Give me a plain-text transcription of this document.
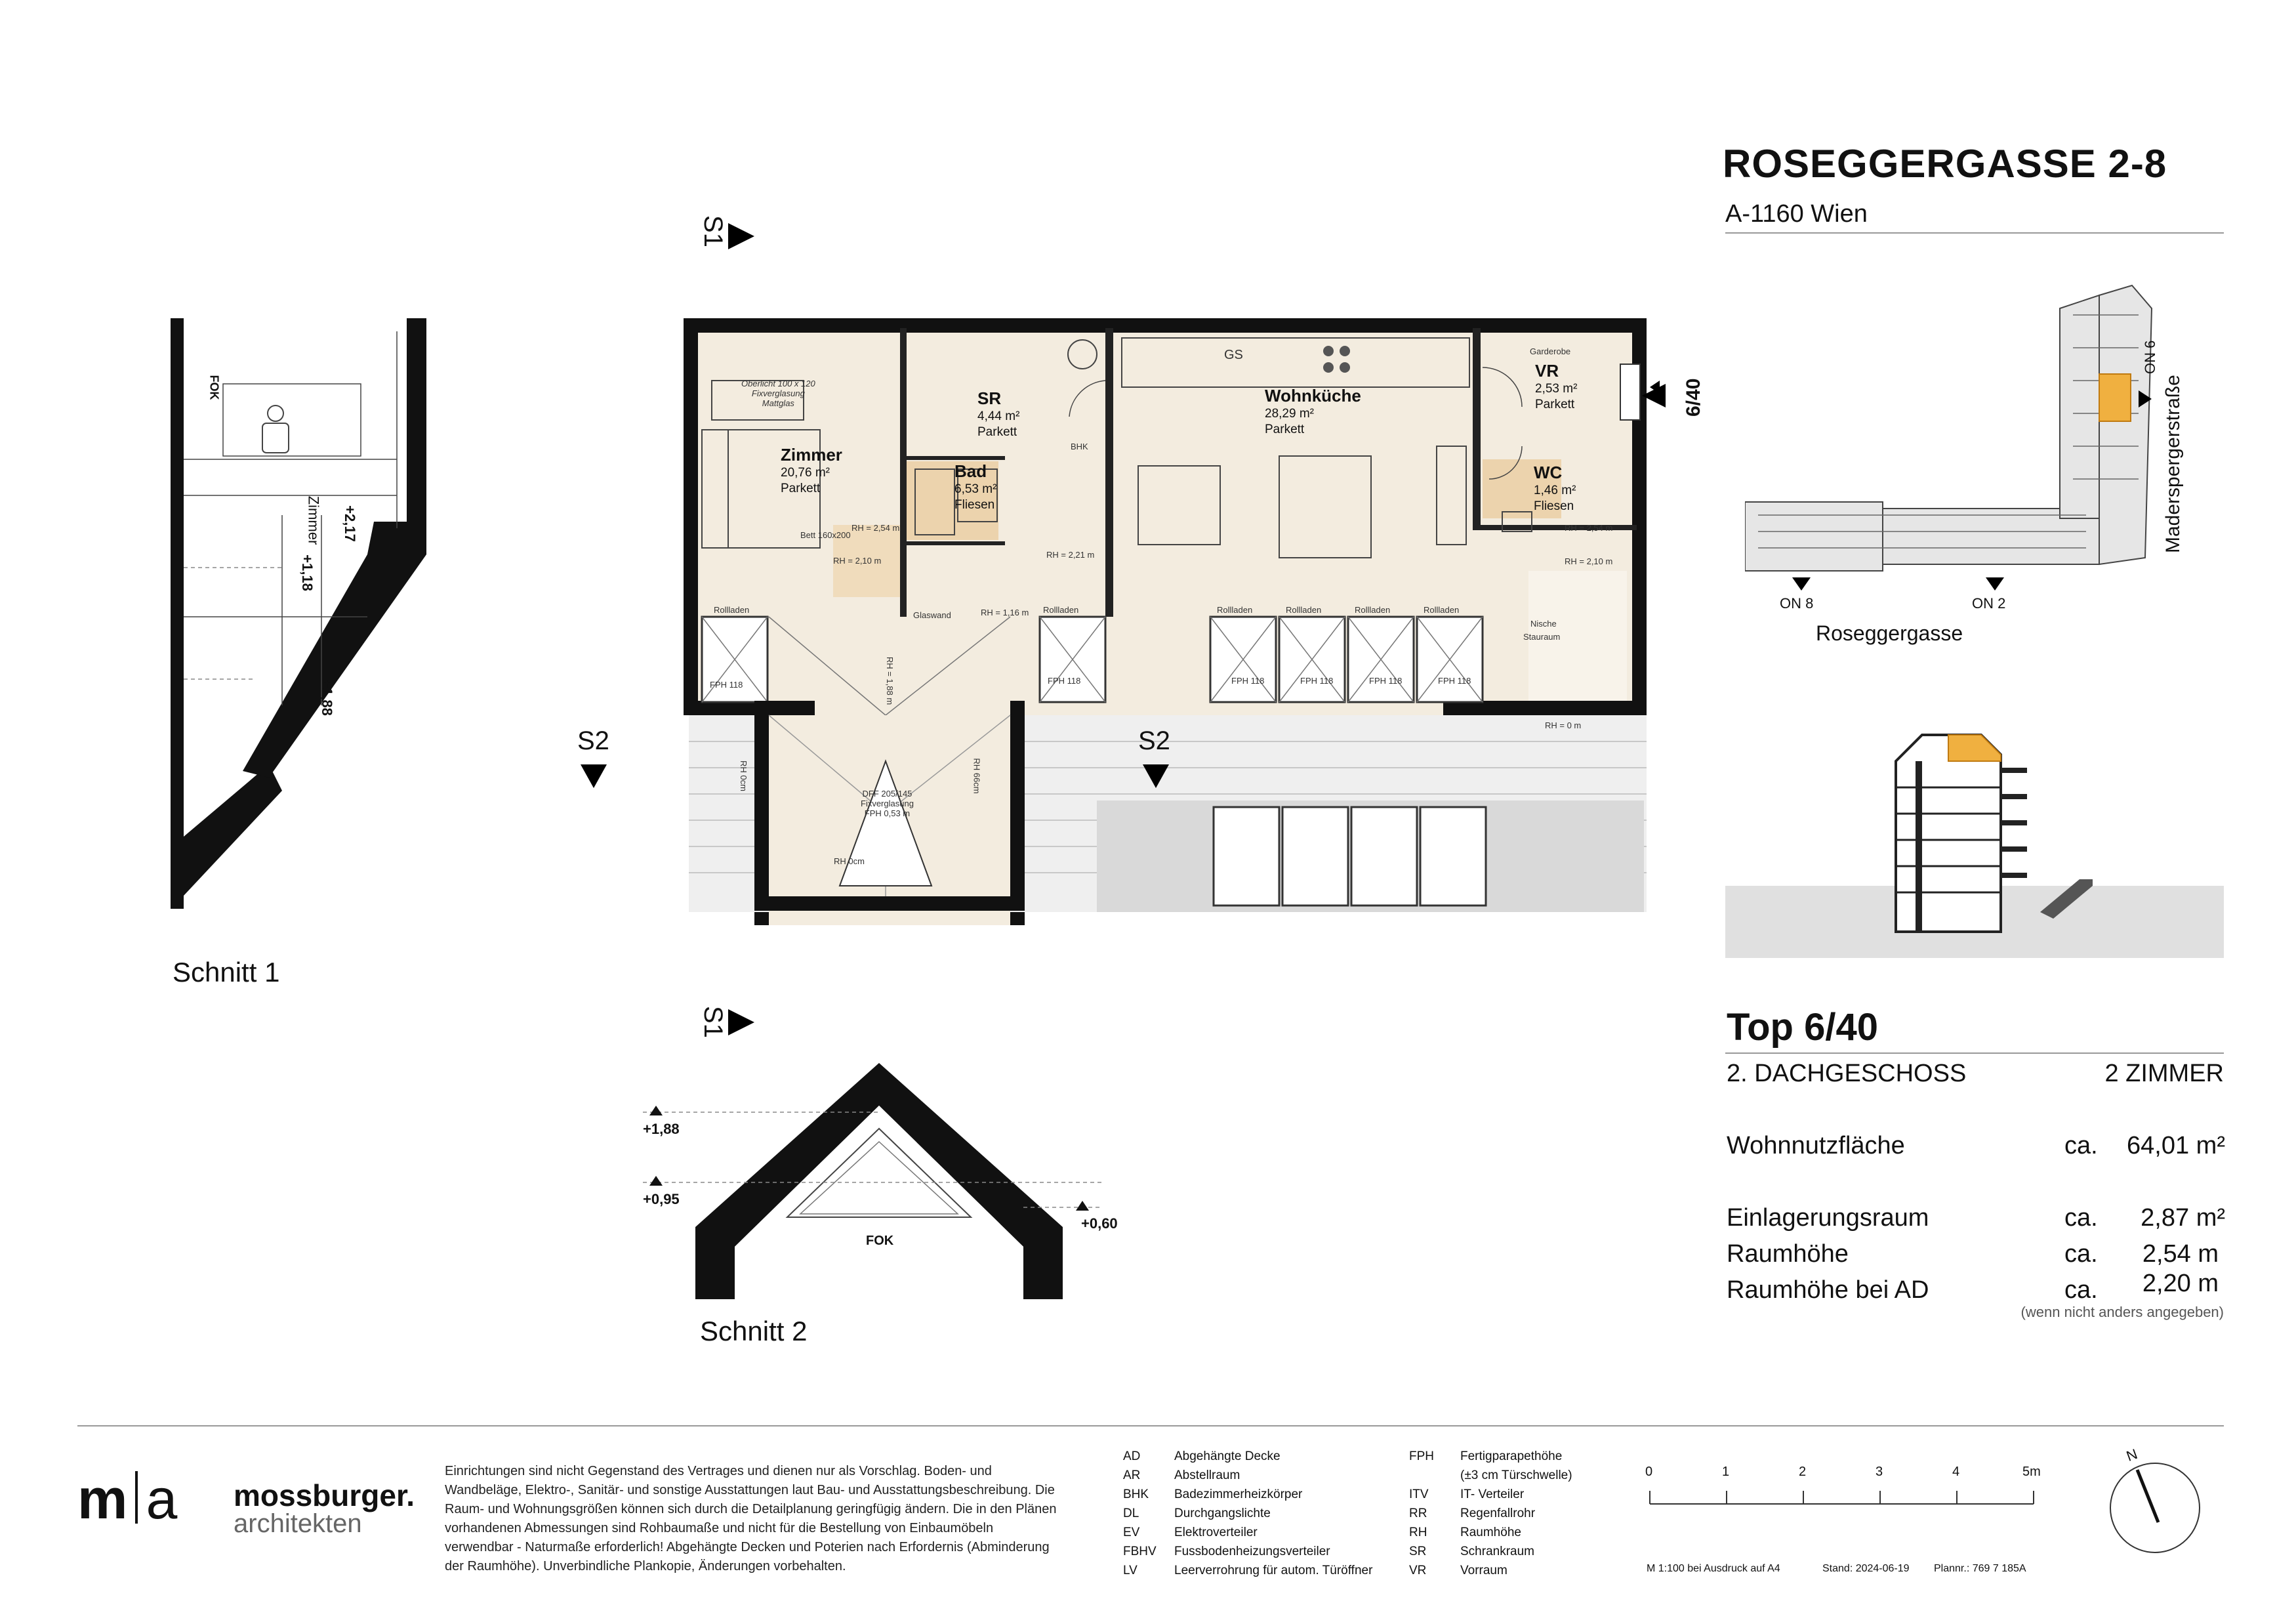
ROSEGGERGASSE 2-8
A-1160 Wien
ON 6
Maderspergerstraße
ON 8	ON 2
Roseggergasse
Top 6/40
2. DACHGESCHOSS	2 ZIMMER
Wohnnutzfläche	ca. 64,01 m²
Einlagerungsraum	ca. 2,87 m²
Raumhöhe	ca. 2,54 m
Raumhöhe bei AD	ca. 2,20 m
(wenn nicht anders angegeben)
S1
S1
S2	S2
6/40
Zimmer
20,76 m²
Parkett
SR
4,44 m²
Parkett
Wohnküche
28,29 m²
Parkett
VR
2,53 m²
Parkett
Bad
6,53 m²
Fliesen
WC
1,46 m²
Fliesen
GS	Garderobe
Nische
Stauraum
Glaswand
BHK
Bett 160x200
Oberlicht 100 x 120
Fixverglasung
Mattglas
DFF 205/145
Fixverglasung
FPH 0,53 m
Rollladen	Rollladen	Rollladen	Rollladen	Rollladen	Rollladen
FPH 118	FPH 118	FPH 118	FPH 118	FPH 118	FPH 118
RH = 2,54 m
RH = 2,10 m
RH = 2,21 m
RH = 1,16 m
RH = 2,54 m
RH = 2,10 m
RH = 1,88 m
RH = 0 m
RH 0cm
RH 0cm	RH 66cm
FOK
Zimmer +2,17
+1,18
+1,88
Schnitt 1
+1,88
+0,95
+0,60
FOK
Schnitt 2
m a mossburger.
architekten
Einrichtungen sind nicht Gegenstand des Vertrages und dienen nur als Vorschlag. Boden- und Wandbeläge, Elektro-, Sanitär- und sonstige Ausstattungen laut Bau- und Ausstattungsbeschreibung. Die Raum- und Wohnungsgrößen können sich durch die Detailplanung geringfügig ändern. Die in den Plänen vorhandenen Abmessungen sind Rohbaumaße und nicht für die Bestellung von Einbaumöbeln verwendbar - Naturmaße erforderlich! Abgehängte Decken und Poterien nach Erfordernis (Abminderung der Raumhöhe). Unverbindliche Plankopie, Änderungen vorbehalten.
AD	Abgehängte Decke
AR	Abstellraum
BHK	Badezimmerheizkörper
DL	Durchgangslichte
EV	Elektroverteiler
FBHV	Fussbodenheizungsverteiler
LV	Leerverrohrung für autom. Türöffner
FPH	Fertigparapethöhe
(±3 cm Türschwelle)
ITV	IT- Verteiler
RR	Regenfallrohr
RH	Raumhöhe
SR	Schrankraum
VR	Vorraum
0	1	2	3	4	5m
M 1:100 bei Ausdruck auf A4	Stand: 2024-06-19 Plannr.: 769 7 185A
N
